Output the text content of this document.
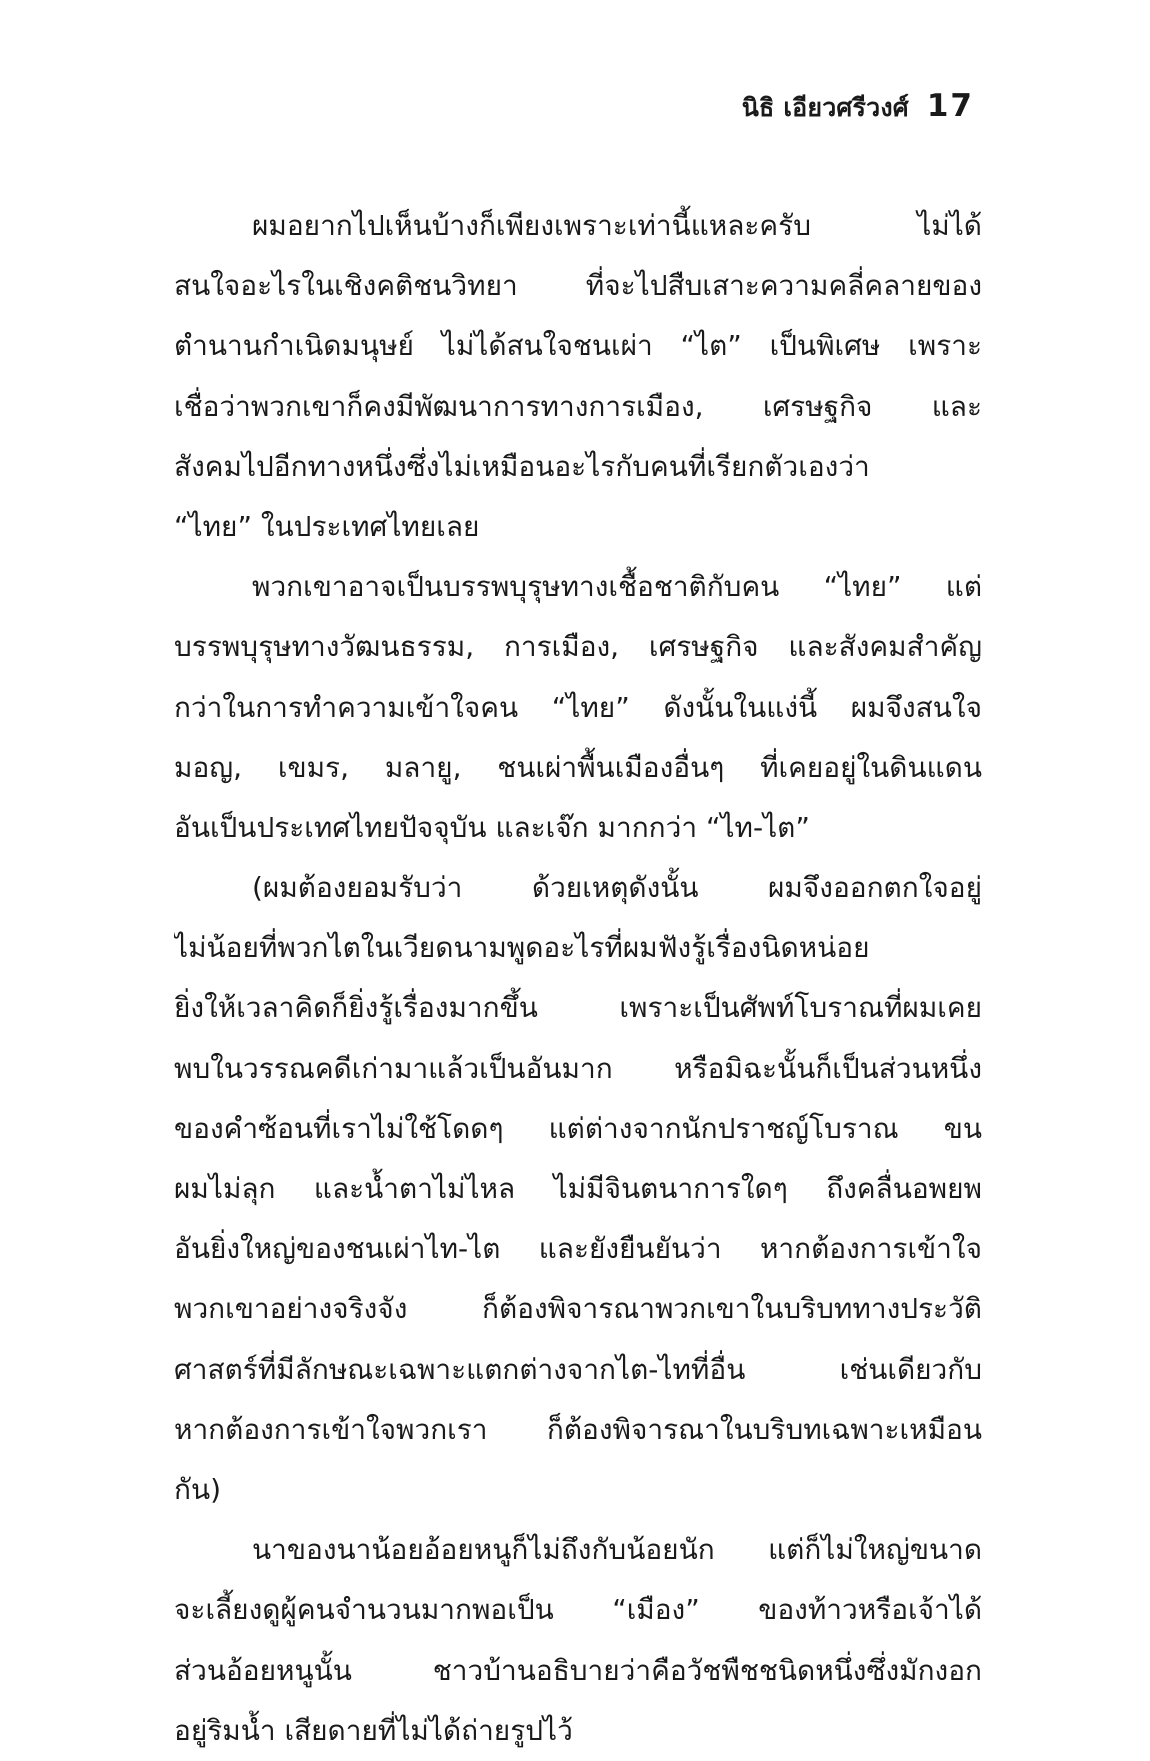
นิธิ เอียวศรีวงศ์ 17
ผมอยากไปเห็นบ้างก็เพียงเพราะเท่านี้แหละครับ ไม่ได้
สนใจอะไรในเชิงคติชนวิทยา ที่จะไปสืบเสาะความคลี่คลายของ
ตำนานกำเนิดมนุษย์ ไม่ได้สนใจชนเผ่า “ไต” เป็นพิเศษ เพราะ
เชื่อว่าพวกเขาก็คงมีพัฒนาการทางการเมือง, เศรษฐกิจ และ
สังคมไปอีกทางหนึ่งซึ่งไม่เหมือนอะไรกับคนที่เรียกตัวเองว่า
“ไทย” ในประเทศไทยเลย
พวกเขาอาจเป็นบรรพบุรุษทางเชื้อชาติกับคน “ไทย” แต่
บรรพบุรุษทางวัฒนธรรม, การเมือง, เศรษฐกิจ และสังคมสำคัญ
กว่าในการทำความเข้าใจคน “ไทย” ดังนั้นในแง่นี้ ผมจึงสนใจ
มอญ, เขมร, มลายู, ชนเผ่าพื้นเมืองอื่นๆ ที่เคยอยู่ในดินแดน
อันเป็นประเทศไทยปัจจุบัน และเจ๊ก มากกว่า “ไท-ไต”
(ผมต้องยอมรับว่า ด้วยเหตุดังนั้น ผมจึงออกตกใจอยู่
ไม่น้อยที่พวกไตในเวียดนามพูดอะไรที่ผมฟังรู้เรื่องนิดหน่อย
ยิ่งให้เวลาคิดก็ยิ่งรู้เรื่องมากขึ้น เพราะเป็นศัพท์โบราณที่ผมเคย
พบในวรรณคดีเก่ามาแล้วเป็นอันมาก หรือมิฉะนั้นก็เป็นส่วนหนึ่ง
ของคำซ้อนที่เราไม่ใช้โดดๆ แต่ต่างจากนักปราชญ์โบราณ ขน
ผมไม่ลุก และน้ำตาไม่ไหล ไม่มีจินตนาการใดๆ ถึงคลื่นอพยพ
อันยิ่งใหญ่ของชนเผ่าไท-ไต และยังยืนยันว่า หากต้องการเข้าใจ
พวกเขาอย่างจริงจัง ก็ต้องพิจารณาพวกเขาในบริบททางประวัติ
ศาสตร์ที่มีลักษณะเฉพาะแตกต่างจากไต-ไทที่อื่น เช่นเดียวกับ
หากต้องการเข้าใจพวกเรา ก็ต้องพิจารณาในบริบทเฉพาะเหมือน
กัน)
นาของนาน้อยอ้อยหนูก็ไม่ถึงกับน้อยนัก แต่ก็ไม่ใหญ่ขนาด
จะเลี้ยงดูผู้คนจำนวนมากพอเป็น “เมือง” ของท้าวหรือเจ้าได้
ส่วนอ้อยหนูนั้น ชาวบ้านอธิบายว่าคือวัชพืชชนิดหนึ่งซึ่งมักงอก
อยู่ริมน้ำ เสียดายที่ไม่ได้ถ่ายรูปไว้
